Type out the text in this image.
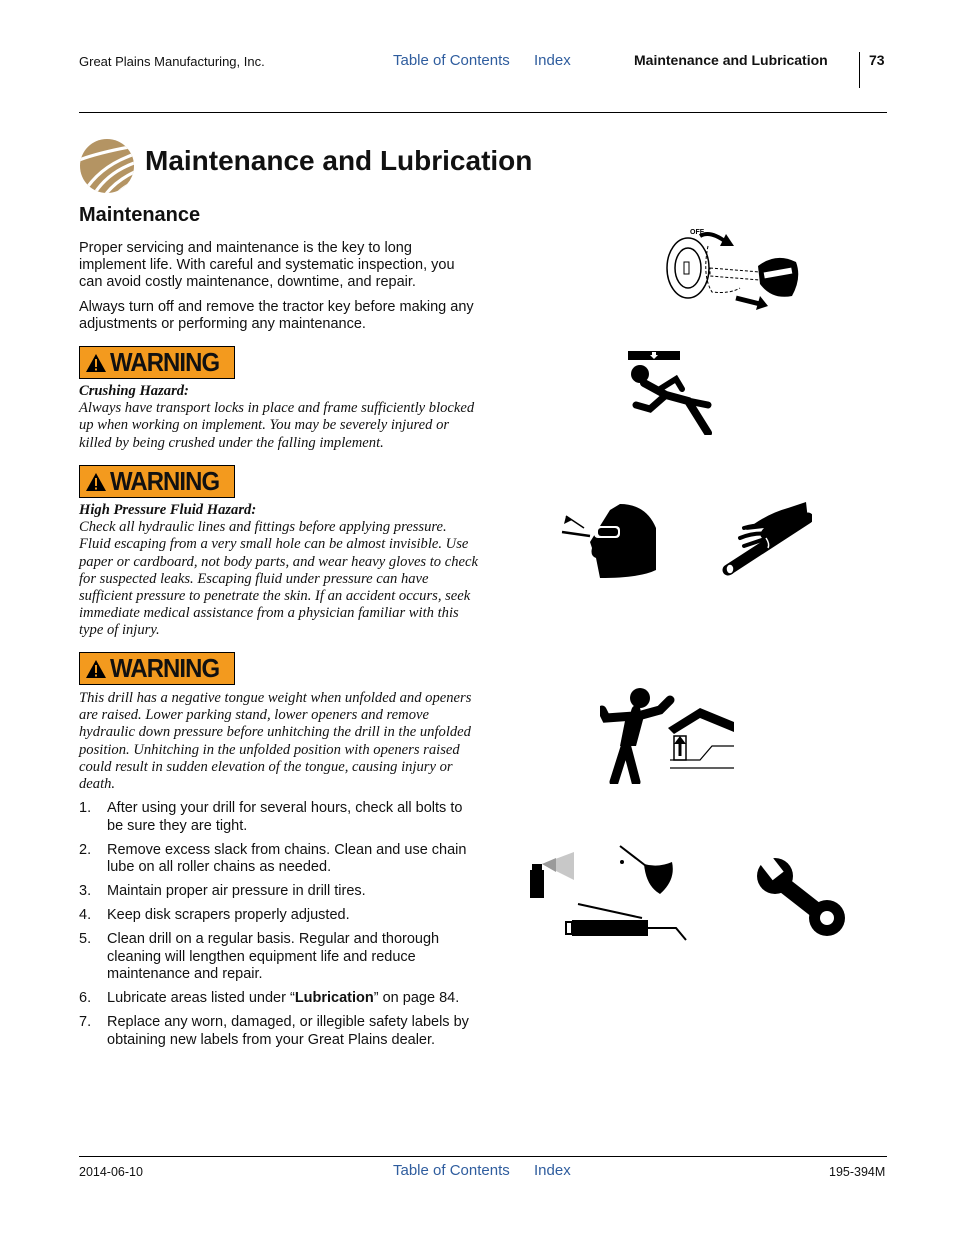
Great Plains Manufacturing, Inc.	Table of Contents Index	Maintenance and Lubrication	73
Maintenance and Lubrication
Maintenance

Proper servicing and maintenance is the key to long implement life. With careful and systematic inspection, you can avoid costly maintenance, downtime, and repair.

Always turn off and remove the tractor key before making any adjustments or performing any maintenance.

WARNING

Crushing Hazard:
Always have transport locks in place and frame sufficiently blocked up when working on implement. You may be severely injured or killed by being crushed under the falling implement.

WARNING

High Pressure Fluid Hazard:
Check all hydraulic lines and fittings before applying pressure. Fluid escaping from a very small hole can be almost invisible. Use paper or cardboard, not body parts, and wear heavy gloves to check for suspected leaks. Escaping fluid under pressure can have sufficient pressure to penetrate the skin. If an accident occurs, seek immediate medical assistance from a physician familiar with this type of injury.

WARNING

This drill has a negative tongue weight when unfolded and openers are raised. Lower parking stand, lower openers and remove hydraulic down pressure before unhitching the drill in the unfolded position. Unhitching in the unfolded position with openers raised could result in sudden elevation of the tongue, causing injury or death.

1. After using your drill for several hours, check all bolts to be sure they are tight.
2. Remove excess slack from chains. Clean and use chain lube on all roller chains as needed.
3. Maintain proper air pressure in drill tires.
4. Keep disk scrapers properly adjusted.
5. Clean drill on a regular basis. Regular and thorough cleaning will lengthen equipment life and reduce maintenance and repair.
6. Lubricate areas listed under “Lubrication” on page 84.
7. Replace any worn, damaged, or illegible safety labels by obtaining new labels from your Great Plains dealer.
OFF
2014-06-10	Table of Contents Index	195-394M
